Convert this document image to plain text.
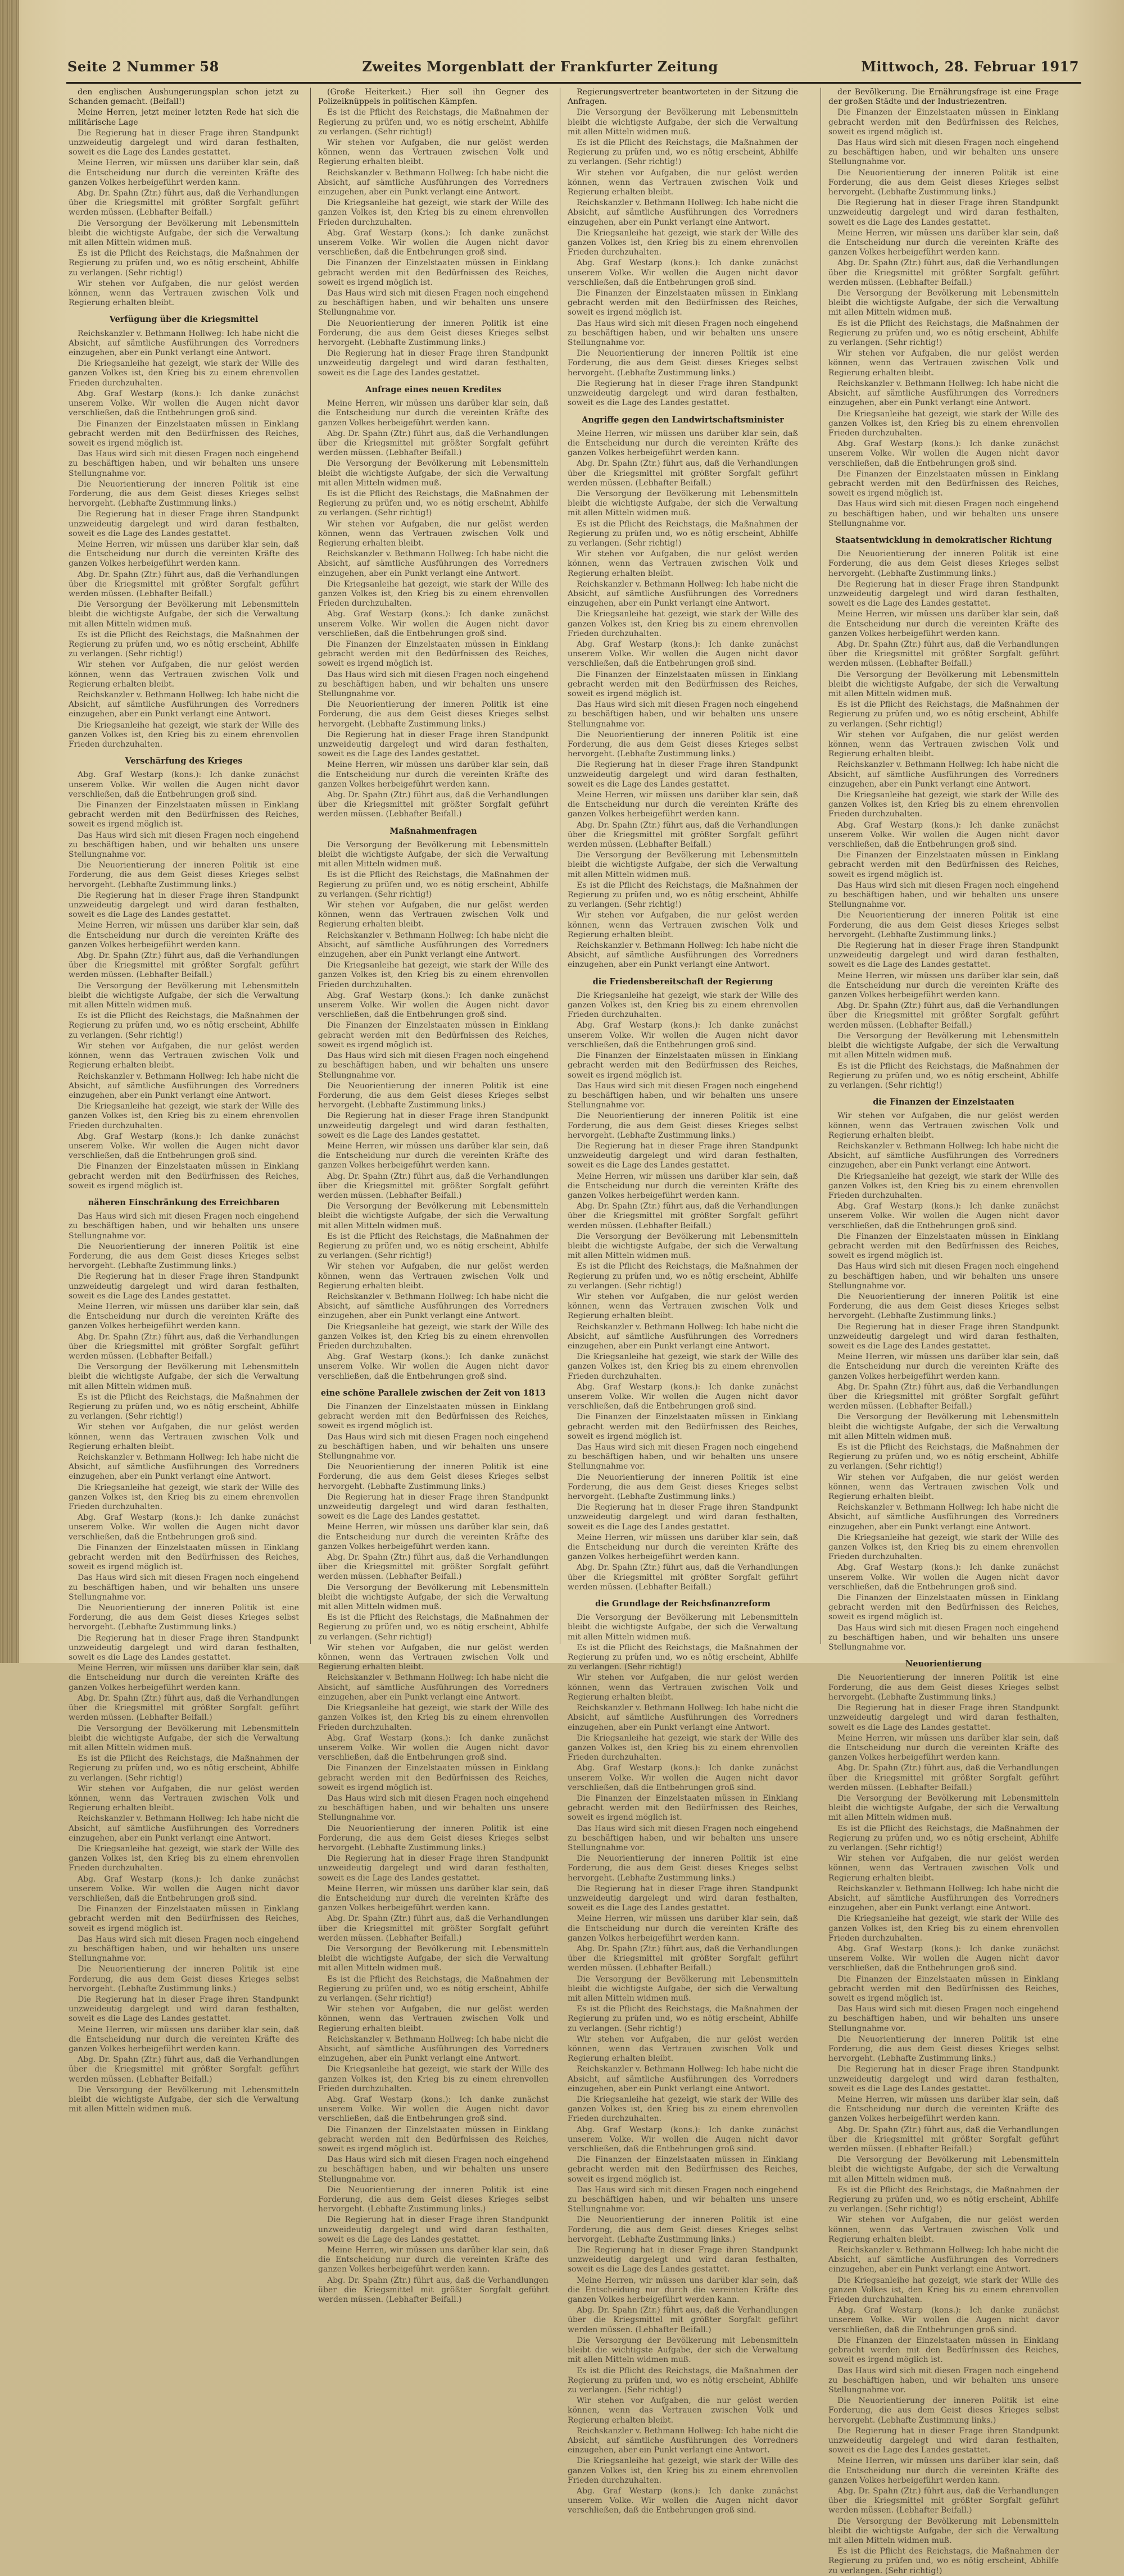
Seite 2 Nummer 58	Zweites Morgenblatt der Frankfurter Zeitung	Mittwoch, 28. Februar 1917

den englischen Aushungerungsplan schon jetzt zu Schanden gemacht. (Beifall!)

Meine Herren, jetzt meiner letzten Rede hat sich die militärische Lage

Die Regierung hat in dieser Frage ihren Standpunkt unzweideutig dargelegt und wird daran festhalten, soweit es die Lage des Landes gestattet.

Meine Herren, wir müssen uns darüber klar sein, daß die Entscheidung nur durch die vereinten Kräfte des ganzen Volkes herbeigeführt werden kann.

Abg. Dr. Spahn (Ztr.) führt aus, daß die Verhandlungen über die Kriegsmittel mit größter Sorgfalt geführt werden müssen. (Lebhafter Beifall.)

Die Versorgung der Bevölkerung mit Lebensmitteln bleibt die wichtigste Aufgabe, der sich die Verwaltung mit allen Mitteln widmen muß.

Es ist die Pflicht des Reichstags, die Maßnahmen der Regierung zu prüfen und, wo es nötig erscheint, Abhilfe zu verlangen. (Sehr richtig!)

Wir stehen vor Aufgaben, die nur gelöst werden können, wenn das Vertrauen zwischen Volk und Regierung erhalten bleibt.

Verfügung über die Kriegsmittel

Reichskanzler v. Bethmann Hollweg: Ich habe nicht die Absicht, auf sämtliche Ausführungen des Vorredners einzugehen, aber ein Punkt verlangt eine Antwort.

Die Kriegsanleihe hat gezeigt, wie stark der Wille des ganzen Volkes ist, den Krieg bis zu einem ehrenvollen Frieden durchzuhalten.

Abg. Graf Westarp (kons.): Ich danke zunächst unserem Volke. Wir wollen die Augen nicht davor verschließen, daß die Entbehrungen groß sind.

Die Finanzen der Einzelstaaten müssen in Einklang gebracht werden mit den Bedürfnissen des Reiches, soweit es irgend möglich ist.

Das Haus wird sich mit diesen Fragen noch eingehend zu beschäftigen haben, und wir behalten uns unsere Stellungnahme vor.

Die Neuorientierung der inneren Politik ist eine Forderung, die aus dem Geist dieses Krieges selbst hervorgeht. (Lebhafte Zustimmung links.)

Die Regierung hat in dieser Frage ihren Standpunkt unzweideutig dargelegt und wird daran festhalten, soweit es die Lage des Landes gestattet.

Meine Herren, wir müssen uns darüber klar sein, daß die Entscheidung nur durch die vereinten Kräfte des ganzen Volkes herbeigeführt werden kann.

Abg. Dr. Spahn (Ztr.) führt aus, daß die Verhandlungen über die Kriegsmittel mit größter Sorgfalt geführt werden müssen. (Lebhafter Beifall.)

Die Versorgung der Bevölkerung mit Lebensmitteln bleibt die wichtigste Aufgabe, der sich die Verwaltung mit allen Mitteln widmen muß.

Es ist die Pflicht des Reichstags, die Maßnahmen der Regierung zu prüfen und, wo es nötig erscheint, Abhilfe zu verlangen. (Sehr richtig!)

Wir stehen vor Aufgaben, die nur gelöst werden können, wenn das Vertrauen zwischen Volk und Regierung erhalten bleibt.

Reichskanzler v. Bethmann Hollweg: Ich habe nicht die Absicht, auf sämtliche Ausführungen des Vorredners einzugehen, aber ein Punkt verlangt eine Antwort.

Die Kriegsanleihe hat gezeigt, wie stark der Wille des ganzen Volkes ist, den Krieg bis zu einem ehrenvollen Frieden durchzuhalten.

Verschärfung des Krieges

Abg. Graf Westarp (kons.): Ich danke zunächst unserem Volke. Wir wollen die Augen nicht davor verschließen, daß die Entbehrungen groß sind.

Die Finanzen der Einzelstaaten müssen in Einklang gebracht werden mit den Bedürfnissen des Reiches, soweit es irgend möglich ist.

Das Haus wird sich mit diesen Fragen noch eingehend zu beschäftigen haben, und wir behalten uns unsere Stellungnahme vor.

Die Neuorientierung der inneren Politik ist eine Forderung, die aus dem Geist dieses Krieges selbst hervorgeht. (Lebhafte Zustimmung links.)

Die Regierung hat in dieser Frage ihren Standpunkt unzweideutig dargelegt und wird daran festhalten, soweit es die Lage des Landes gestattet.

Meine Herren, wir müssen uns darüber klar sein, daß die Entscheidung nur durch die vereinten Kräfte des ganzen Volkes herbeigeführt werden kann.

Abg. Dr. Spahn (Ztr.) führt aus, daß die Verhandlungen über die Kriegsmittel mit größter Sorgfalt geführt werden müssen. (Lebhafter Beifall.)

Die Versorgung der Bevölkerung mit Lebensmitteln bleibt die wichtigste Aufgabe, der sich die Verwaltung mit allen Mitteln widmen muß.

Es ist die Pflicht des Reichstags, die Maßnahmen der Regierung zu prüfen und, wo es nötig erscheint, Abhilfe zu verlangen. (Sehr richtig!)

Wir stehen vor Aufgaben, die nur gelöst werden können, wenn das Vertrauen zwischen Volk und Regierung erhalten bleibt.

Reichskanzler v. Bethmann Hollweg: Ich habe nicht die Absicht, auf sämtliche Ausführungen des Vorredners einzugehen, aber ein Punkt verlangt eine Antwort.

Die Kriegsanleihe hat gezeigt, wie stark der Wille des ganzen Volkes ist, den Krieg bis zu einem ehrenvollen Frieden durchzuhalten.

Abg. Graf Westarp (kons.): Ich danke zunächst unserem Volke. Wir wollen die Augen nicht davor verschließen, daß die Entbehrungen groß sind.

Die Finanzen der Einzelstaaten müssen in Einklang gebracht werden mit den Bedürfnissen des Reiches, soweit es irgend möglich ist.

näheren Einschränkung des Erreichbaren

Das Haus wird sich mit diesen Fragen noch eingehend zu beschäftigen haben, und wir behalten uns unsere Stellungnahme vor.

Die Neuorientierung der inneren Politik ist eine Forderung, die aus dem Geist dieses Krieges selbst hervorgeht. (Lebhafte Zustimmung links.)

Die Regierung hat in dieser Frage ihren Standpunkt unzweideutig dargelegt und wird daran festhalten, soweit es die Lage des Landes gestattet.

Meine Herren, wir müssen uns darüber klar sein, daß die Entscheidung nur durch die vereinten Kräfte des ganzen Volkes herbeigeführt werden kann.

Abg. Dr. Spahn (Ztr.) führt aus, daß die Verhandlungen über die Kriegsmittel mit größter Sorgfalt geführt werden müssen. (Lebhafter Beifall.)

Die Versorgung der Bevölkerung mit Lebensmitteln bleibt die wichtigste Aufgabe, der sich die Verwaltung mit allen Mitteln widmen muß.

Es ist die Pflicht des Reichstags, die Maßnahmen der Regierung zu prüfen und, wo es nötig erscheint, Abhilfe zu verlangen. (Sehr richtig!)

Wir stehen vor Aufgaben, die nur gelöst werden können, wenn das Vertrauen zwischen Volk und Regierung erhalten bleibt.

Reichskanzler v. Bethmann Hollweg: Ich habe nicht die Absicht, auf sämtliche Ausführungen des Vorredners einzugehen, aber ein Punkt verlangt eine Antwort.

Die Kriegsanleihe hat gezeigt, wie stark der Wille des ganzen Volkes ist, den Krieg bis zu einem ehrenvollen Frieden durchzuhalten.

Abg. Graf Westarp (kons.): Ich danke zunächst unserem Volke. Wir wollen die Augen nicht davor verschließen, daß die Entbehrungen groß sind.

Die Finanzen der Einzelstaaten müssen in Einklang gebracht werden mit den Bedürfnissen des Reiches, soweit es irgend möglich ist.

Das Haus wird sich mit diesen Fragen noch eingehend zu beschäftigen haben, und wir behalten uns unsere Stellungnahme vor.

Die Neuorientierung der inneren Politik ist eine Forderung, die aus dem Geist dieses Krieges selbst hervorgeht. (Lebhafte Zustimmung links.)

Die Regierung hat in dieser Frage ihren Standpunkt unzweideutig dargelegt und wird daran festhalten, soweit es die Lage des Landes gestattet.

Meine Herren, wir müssen uns darüber klar sein, daß die Entscheidung nur durch die vereinten Kräfte des ganzen Volkes herbeigeführt werden kann.

Abg. Dr. Spahn (Ztr.) führt aus, daß die Verhandlungen über die Kriegsmittel mit größter Sorgfalt geführt werden müssen. (Lebhafter Beifall.)

Die Versorgung der Bevölkerung mit Lebensmitteln bleibt die wichtigste Aufgabe, der sich die Verwaltung mit allen Mitteln widmen muß.

Es ist die Pflicht des Reichstags, die Maßnahmen der Regierung zu prüfen und, wo es nötig erscheint, Abhilfe zu verlangen. (Sehr richtig!)

Wir stehen vor Aufgaben, die nur gelöst werden können, wenn das Vertrauen zwischen Volk und Regierung erhalten bleibt.

Reichskanzler v. Bethmann Hollweg: Ich habe nicht die Absicht, auf sämtliche Ausführungen des Vorredners einzugehen, aber ein Punkt verlangt eine Antwort.

Die Kriegsanleihe hat gezeigt, wie stark der Wille des ganzen Volkes ist, den Krieg bis zu einem ehrenvollen Frieden durchzuhalten.

Abg. Graf Westarp (kons.): Ich danke zunächst unserem Volke. Wir wollen die Augen nicht davor verschließen, daß die Entbehrungen groß sind.

Die Finanzen der Einzelstaaten müssen in Einklang gebracht werden mit den Bedürfnissen des Reiches, soweit es irgend möglich ist.

Das Haus wird sich mit diesen Fragen noch eingehend zu beschäftigen haben, und wir behalten uns unsere Stellungnahme vor.

Die Neuorientierung der inneren Politik ist eine Forderung, die aus dem Geist dieses Krieges selbst hervorgeht. (Lebhafte Zustimmung links.)

Die Regierung hat in dieser Frage ihren Standpunkt unzweideutig dargelegt und wird daran festhalten, soweit es die Lage des Landes gestattet.

Meine Herren, wir müssen uns darüber klar sein, daß die Entscheidung nur durch die vereinten Kräfte des ganzen Volkes herbeigeführt werden kann.

Abg. Dr. Spahn (Ztr.) führt aus, daß die Verhandlungen über die Kriegsmittel mit größter Sorgfalt geführt werden müssen. (Lebhafter Beifall.)

Die Versorgung der Bevölkerung mit Lebensmitteln bleibt die wichtigste Aufgabe, der sich die Verwaltung mit allen Mitteln widmen muß.

(Große Heiterkeit.) Hier soll ihn Gegner des Polizeiknüppels in politischen Kämpfen.

Es ist die Pflicht des Reichstags, die Maßnahmen der Regierung zu prüfen und, wo es nötig erscheint, Abhilfe zu verlangen. (Sehr richtig!)

Wir stehen vor Aufgaben, die nur gelöst werden können, wenn das Vertrauen zwischen Volk und Regierung erhalten bleibt.

Reichskanzler v. Bethmann Hollweg: Ich habe nicht die Absicht, auf sämtliche Ausführungen des Vorredners einzugehen, aber ein Punkt verlangt eine Antwort.

Die Kriegsanleihe hat gezeigt, wie stark der Wille des ganzen Volkes ist, den Krieg bis zu einem ehrenvollen Frieden durchzuhalten.

Abg. Graf Westarp (kons.): Ich danke zunächst unserem Volke. Wir wollen die Augen nicht davor verschließen, daß die Entbehrungen groß sind.

Die Finanzen der Einzelstaaten müssen in Einklang gebracht werden mit den Bedürfnissen des Reiches, soweit es irgend möglich ist.

Das Haus wird sich mit diesen Fragen noch eingehend zu beschäftigen haben, und wir behalten uns unsere Stellungnahme vor.

Die Neuorientierung der inneren Politik ist eine Forderung, die aus dem Geist dieses Krieges selbst hervorgeht. (Lebhafte Zustimmung links.)

Die Regierung hat in dieser Frage ihren Standpunkt unzweideutig dargelegt und wird daran festhalten, soweit es die Lage des Landes gestattet.

Anfrage eines neuen Kredites

Meine Herren, wir müssen uns darüber klar sein, daß die Entscheidung nur durch die vereinten Kräfte des ganzen Volkes herbeigeführt werden kann.

Abg. Dr. Spahn (Ztr.) führt aus, daß die Verhandlungen über die Kriegsmittel mit größter Sorgfalt geführt werden müssen. (Lebhafter Beifall.)

Die Versorgung der Bevölkerung mit Lebensmitteln bleibt die wichtigste Aufgabe, der sich die Verwaltung mit allen Mitteln widmen muß.

Es ist die Pflicht des Reichstags, die Maßnahmen der Regierung zu prüfen und, wo es nötig erscheint, Abhilfe zu verlangen. (Sehr richtig!)

Wir stehen vor Aufgaben, die nur gelöst werden können, wenn das Vertrauen zwischen Volk und Regierung erhalten bleibt.

Reichskanzler v. Bethmann Hollweg: Ich habe nicht die Absicht, auf sämtliche Ausführungen des Vorredners einzugehen, aber ein Punkt verlangt eine Antwort.

Die Kriegsanleihe hat gezeigt, wie stark der Wille des ganzen Volkes ist, den Krieg bis zu einem ehrenvollen Frieden durchzuhalten.

Abg. Graf Westarp (kons.): Ich danke zunächst unserem Volke. Wir wollen die Augen nicht davor verschließen, daß die Entbehrungen groß sind.

Die Finanzen der Einzelstaaten müssen in Einklang gebracht werden mit den Bedürfnissen des Reiches, soweit es irgend möglich ist.

Das Haus wird sich mit diesen Fragen noch eingehend zu beschäftigen haben, und wir behalten uns unsere Stellungnahme vor.

Die Neuorientierung der inneren Politik ist eine Forderung, die aus dem Geist dieses Krieges selbst hervorgeht. (Lebhafte Zustimmung links.)

Die Regierung hat in dieser Frage ihren Standpunkt unzweideutig dargelegt und wird daran festhalten, soweit es die Lage des Landes gestattet.

Meine Herren, wir müssen uns darüber klar sein, daß die Entscheidung nur durch die vereinten Kräfte des ganzen Volkes herbeigeführt werden kann.

Abg. Dr. Spahn (Ztr.) führt aus, daß die Verhandlungen über die Kriegsmittel mit größter Sorgfalt geführt werden müssen. (Lebhafter Beifall.)

Maßnahmenfragen

Die Versorgung der Bevölkerung mit Lebensmitteln bleibt die wichtigste Aufgabe, der sich die Verwaltung mit allen Mitteln widmen muß.

Es ist die Pflicht des Reichstags, die Maßnahmen der Regierung zu prüfen und, wo es nötig erscheint, Abhilfe zu verlangen. (Sehr richtig!)

Wir stehen vor Aufgaben, die nur gelöst werden können, wenn das Vertrauen zwischen Volk und Regierung erhalten bleibt.

Reichskanzler v. Bethmann Hollweg: Ich habe nicht die Absicht, auf sämtliche Ausführungen des Vorredners einzugehen, aber ein Punkt verlangt eine Antwort.

Die Kriegsanleihe hat gezeigt, wie stark der Wille des ganzen Volkes ist, den Krieg bis zu einem ehrenvollen Frieden durchzuhalten.

Abg. Graf Westarp (kons.): Ich danke zunächst unserem Volke. Wir wollen die Augen nicht davor verschließen, daß die Entbehrungen groß sind.

Die Finanzen der Einzelstaaten müssen in Einklang gebracht werden mit den Bedürfnissen des Reiches, soweit es irgend möglich ist.

Das Haus wird sich mit diesen Fragen noch eingehend zu beschäftigen haben, und wir behalten uns unsere Stellungnahme vor.

Die Neuorientierung der inneren Politik ist eine Forderung, die aus dem Geist dieses Krieges selbst hervorgeht. (Lebhafte Zustimmung links.)

Die Regierung hat in dieser Frage ihren Standpunkt unzweideutig dargelegt und wird daran festhalten, soweit es die Lage des Landes gestattet.

Meine Herren, wir müssen uns darüber klar sein, daß die Entscheidung nur durch die vereinten Kräfte des ganzen Volkes herbeigeführt werden kann.

Abg. Dr. Spahn (Ztr.) führt aus, daß die Verhandlungen über die Kriegsmittel mit größter Sorgfalt geführt werden müssen. (Lebhafter Beifall.)

Die Versorgung der Bevölkerung mit Lebensmitteln bleibt die wichtigste Aufgabe, der sich die Verwaltung mit allen Mitteln widmen muß.

Es ist die Pflicht des Reichstags, die Maßnahmen der Regierung zu prüfen und, wo es nötig erscheint, Abhilfe zu verlangen. (Sehr richtig!)

Wir stehen vor Aufgaben, die nur gelöst werden können, wenn das Vertrauen zwischen Volk und Regierung erhalten bleibt.

Reichskanzler v. Bethmann Hollweg: Ich habe nicht die Absicht, auf sämtliche Ausführungen des Vorredners einzugehen, aber ein Punkt verlangt eine Antwort.

Die Kriegsanleihe hat gezeigt, wie stark der Wille des ganzen Volkes ist, den Krieg bis zu einem ehrenvollen Frieden durchzuhalten.

Abg. Graf Westarp (kons.): Ich danke zunächst unserem Volke. Wir wollen die Augen nicht davor verschließen, daß die Entbehrungen groß sind.

eine schöne Parallele zwischen der Zeit von 1813

Die Finanzen der Einzelstaaten müssen in Einklang gebracht werden mit den Bedürfnissen des Reiches, soweit es irgend möglich ist.

Das Haus wird sich mit diesen Fragen noch eingehend zu beschäftigen haben, und wir behalten uns unsere Stellungnahme vor.

Die Neuorientierung der inneren Politik ist eine Forderung, die aus dem Geist dieses Krieges selbst hervorgeht. (Lebhafte Zustimmung links.)

Die Regierung hat in dieser Frage ihren Standpunkt unzweideutig dargelegt und wird daran festhalten, soweit es die Lage des Landes gestattet.

Meine Herren, wir müssen uns darüber klar sein, daß die Entscheidung nur durch die vereinten Kräfte des ganzen Volkes herbeigeführt werden kann.

Abg. Dr. Spahn (Ztr.) führt aus, daß die Verhandlungen über die Kriegsmittel mit größter Sorgfalt geführt werden müssen. (Lebhafter Beifall.)

Die Versorgung der Bevölkerung mit Lebensmitteln bleibt die wichtigste Aufgabe, der sich die Verwaltung mit allen Mitteln widmen muß.

Es ist die Pflicht des Reichstags, die Maßnahmen der Regierung zu prüfen und, wo es nötig erscheint, Abhilfe zu verlangen. (Sehr richtig!)

Wir stehen vor Aufgaben, die nur gelöst werden können, wenn das Vertrauen zwischen Volk und Regierung erhalten bleibt.

Reichskanzler v. Bethmann Hollweg: Ich habe nicht die Absicht, auf sämtliche Ausführungen des Vorredners einzugehen, aber ein Punkt verlangt eine Antwort.

Die Kriegsanleihe hat gezeigt, wie stark der Wille des ganzen Volkes ist, den Krieg bis zu einem ehrenvollen Frieden durchzuhalten.

Abg. Graf Westarp (kons.): Ich danke zunächst unserem Volke. Wir wollen die Augen nicht davor verschließen, daß die Entbehrungen groß sind.

Die Finanzen der Einzelstaaten müssen in Einklang gebracht werden mit den Bedürfnissen des Reiches, soweit es irgend möglich ist.

Das Haus wird sich mit diesen Fragen noch eingehend zu beschäftigen haben, und wir behalten uns unsere Stellungnahme vor.

Die Neuorientierung der inneren Politik ist eine Forderung, die aus dem Geist dieses Krieges selbst hervorgeht. (Lebhafte Zustimmung links.)

Die Regierung hat in dieser Frage ihren Standpunkt unzweideutig dargelegt und wird daran festhalten, soweit es die Lage des Landes gestattet.

Meine Herren, wir müssen uns darüber klar sein, daß die Entscheidung nur durch die vereinten Kräfte des ganzen Volkes herbeigeführt werden kann.

Abg. Dr. Spahn (Ztr.) führt aus, daß die Verhandlungen über die Kriegsmittel mit größter Sorgfalt geführt werden müssen. (Lebhafter Beifall.)

Die Versorgung der Bevölkerung mit Lebensmitteln bleibt die wichtigste Aufgabe, der sich die Verwaltung mit allen Mitteln widmen muß.

Es ist die Pflicht des Reichstags, die Maßnahmen der Regierung zu prüfen und, wo es nötig erscheint, Abhilfe zu verlangen. (Sehr richtig!)

Wir stehen vor Aufgaben, die nur gelöst werden können, wenn das Vertrauen zwischen Volk und Regierung erhalten bleibt.

Reichskanzler v. Bethmann Hollweg: Ich habe nicht die Absicht, auf sämtliche Ausführungen des Vorredners einzugehen, aber ein Punkt verlangt eine Antwort.

Die Kriegsanleihe hat gezeigt, wie stark der Wille des ganzen Volkes ist, den Krieg bis zu einem ehrenvollen Frieden durchzuhalten.

Abg. Graf Westarp (kons.): Ich danke zunächst unserem Volke. Wir wollen die Augen nicht davor verschließen, daß die Entbehrungen groß sind.

Die Finanzen der Einzelstaaten müssen in Einklang gebracht werden mit den Bedürfnissen des Reiches, soweit es irgend möglich ist.

Das Haus wird sich mit diesen Fragen noch eingehend zu beschäftigen haben, und wir behalten uns unsere Stellungnahme vor.

Die Neuorientierung der inneren Politik ist eine Forderung, die aus dem Geist dieses Krieges selbst hervorgeht. (Lebhafte Zustimmung links.)

Die Regierung hat in dieser Frage ihren Standpunkt unzweideutig dargelegt und wird daran festhalten, soweit es die Lage des Landes gestattet.

Meine Herren, wir müssen uns darüber klar sein, daß die Entscheidung nur durch die vereinten Kräfte des ganzen Volkes herbeigeführt werden kann.

Abg. Dr. Spahn (Ztr.) führt aus, daß die Verhandlungen über die Kriegsmittel mit größter Sorgfalt geführt werden müssen. (Lebhafter Beifall.)

Regierungsvertreter beantworteten in der Sitzung die Anfragen.

Die Versorgung der Bevölkerung mit Lebensmitteln bleibt die wichtigste Aufgabe, der sich die Verwaltung mit allen Mitteln widmen muß.

Es ist die Pflicht des Reichstags, die Maßnahmen der Regierung zu prüfen und, wo es nötig erscheint, Abhilfe zu verlangen. (Sehr richtig!)

Wir stehen vor Aufgaben, die nur gelöst werden können, wenn das Vertrauen zwischen Volk und Regierung erhalten bleibt.

Reichskanzler v. Bethmann Hollweg: Ich habe nicht die Absicht, auf sämtliche Ausführungen des Vorredners einzugehen, aber ein Punkt verlangt eine Antwort.

Die Kriegsanleihe hat gezeigt, wie stark der Wille des ganzen Volkes ist, den Krieg bis zu einem ehrenvollen Frieden durchzuhalten.

Abg. Graf Westarp (kons.): Ich danke zunächst unserem Volke. Wir wollen die Augen nicht davor verschließen, daß die Entbehrungen groß sind.

Die Finanzen der Einzelstaaten müssen in Einklang gebracht werden mit den Bedürfnissen des Reiches, soweit es irgend möglich ist.

Das Haus wird sich mit diesen Fragen noch eingehend zu beschäftigen haben, und wir behalten uns unsere Stellungnahme vor.

Die Neuorientierung der inneren Politik ist eine Forderung, die aus dem Geist dieses Krieges selbst hervorgeht. (Lebhafte Zustimmung links.)

Die Regierung hat in dieser Frage ihren Standpunkt unzweideutig dargelegt und wird daran festhalten, soweit es die Lage des Landes gestattet.

Angriffe gegen den Landwirtschaftsminister

Meine Herren, wir müssen uns darüber klar sein, daß die Entscheidung nur durch die vereinten Kräfte des ganzen Volkes herbeigeführt werden kann.

Abg. Dr. Spahn (Ztr.) führt aus, daß die Verhandlungen über die Kriegsmittel mit größter Sorgfalt geführt werden müssen. (Lebhafter Beifall.)

Die Versorgung der Bevölkerung mit Lebensmitteln bleibt die wichtigste Aufgabe, der sich die Verwaltung mit allen Mitteln widmen muß.

Es ist die Pflicht des Reichstags, die Maßnahmen der Regierung zu prüfen und, wo es nötig erscheint, Abhilfe zu verlangen. (Sehr richtig!)

Wir stehen vor Aufgaben, die nur gelöst werden können, wenn das Vertrauen zwischen Volk und Regierung erhalten bleibt.

Reichskanzler v. Bethmann Hollweg: Ich habe nicht die Absicht, auf sämtliche Ausführungen des Vorredners einzugehen, aber ein Punkt verlangt eine Antwort.

Die Kriegsanleihe hat gezeigt, wie stark der Wille des ganzen Volkes ist, den Krieg bis zu einem ehrenvollen Frieden durchzuhalten.

Abg. Graf Westarp (kons.): Ich danke zunächst unserem Volke. Wir wollen die Augen nicht davor verschließen, daß die Entbehrungen groß sind.

Die Finanzen der Einzelstaaten müssen in Einklang gebracht werden mit den Bedürfnissen des Reiches, soweit es irgend möglich ist.

Das Haus wird sich mit diesen Fragen noch eingehend zu beschäftigen haben, und wir behalten uns unsere Stellungnahme vor.

Die Neuorientierung der inneren Politik ist eine Forderung, die aus dem Geist dieses Krieges selbst hervorgeht. (Lebhafte Zustimmung links.)

Die Regierung hat in dieser Frage ihren Standpunkt unzweideutig dargelegt und wird daran festhalten, soweit es die Lage des Landes gestattet.

Meine Herren, wir müssen uns darüber klar sein, daß die Entscheidung nur durch die vereinten Kräfte des ganzen Volkes herbeigeführt werden kann.

Abg. Dr. Spahn (Ztr.) führt aus, daß die Verhandlungen über die Kriegsmittel mit größter Sorgfalt geführt werden müssen. (Lebhafter Beifall.)

Die Versorgung der Bevölkerung mit Lebensmitteln bleibt die wichtigste Aufgabe, der sich die Verwaltung mit allen Mitteln widmen muß.

Es ist die Pflicht des Reichstags, die Maßnahmen der Regierung zu prüfen und, wo es nötig erscheint, Abhilfe zu verlangen. (Sehr richtig!)

Wir stehen vor Aufgaben, die nur gelöst werden können, wenn das Vertrauen zwischen Volk und Regierung erhalten bleibt.

Reichskanzler v. Bethmann Hollweg: Ich habe nicht die Absicht, auf sämtliche Ausführungen des Vorredners einzugehen, aber ein Punkt verlangt eine Antwort.

die Friedensbereitschaft der Regierung

Die Kriegsanleihe hat gezeigt, wie stark der Wille des ganzen Volkes ist, den Krieg bis zu einem ehrenvollen Frieden durchzuhalten.

Abg. Graf Westarp (kons.): Ich danke zunächst unserem Volke. Wir wollen die Augen nicht davor verschließen, daß die Entbehrungen groß sind.

Die Finanzen der Einzelstaaten müssen in Einklang gebracht werden mit den Bedürfnissen des Reiches, soweit es irgend möglich ist.

Das Haus wird sich mit diesen Fragen noch eingehend zu beschäftigen haben, und wir behalten uns unsere Stellungnahme vor.

Die Neuorientierung der inneren Politik ist eine Forderung, die aus dem Geist dieses Krieges selbst hervorgeht. (Lebhafte Zustimmung links.)

Die Regierung hat in dieser Frage ihren Standpunkt unzweideutig dargelegt und wird daran festhalten, soweit es die Lage des Landes gestattet.

Meine Herren, wir müssen uns darüber klar sein, daß die Entscheidung nur durch die vereinten Kräfte des ganzen Volkes herbeigeführt werden kann.

Abg. Dr. Spahn (Ztr.) führt aus, daß die Verhandlungen über die Kriegsmittel mit größter Sorgfalt geführt werden müssen. (Lebhafter Beifall.)

Die Versorgung der Bevölkerung mit Lebensmitteln bleibt die wichtigste Aufgabe, der sich die Verwaltung mit allen Mitteln widmen muß.

Es ist die Pflicht des Reichstags, die Maßnahmen der Regierung zu prüfen und, wo es nötig erscheint, Abhilfe zu verlangen. (Sehr richtig!)

Wir stehen vor Aufgaben, die nur gelöst werden können, wenn das Vertrauen zwischen Volk und Regierung erhalten bleibt.

Reichskanzler v. Bethmann Hollweg: Ich habe nicht die Absicht, auf sämtliche Ausführungen des Vorredners einzugehen, aber ein Punkt verlangt eine Antwort.

Die Kriegsanleihe hat gezeigt, wie stark der Wille des ganzen Volkes ist, den Krieg bis zu einem ehrenvollen Frieden durchzuhalten.

Abg. Graf Westarp (kons.): Ich danke zunächst unserem Volke. Wir wollen die Augen nicht davor verschließen, daß die Entbehrungen groß sind.

Die Finanzen der Einzelstaaten müssen in Einklang gebracht werden mit den Bedürfnissen des Reiches, soweit es irgend möglich ist.

Das Haus wird sich mit diesen Fragen noch eingehend zu beschäftigen haben, und wir behalten uns unsere Stellungnahme vor.

Die Neuorientierung der inneren Politik ist eine Forderung, die aus dem Geist dieses Krieges selbst hervorgeht. (Lebhafte Zustimmung links.)

Die Regierung hat in dieser Frage ihren Standpunkt unzweideutig dargelegt und wird daran festhalten, soweit es die Lage des Landes gestattet.

Meine Herren, wir müssen uns darüber klar sein, daß die Entscheidung nur durch die vereinten Kräfte des ganzen Volkes herbeigeführt werden kann.

Abg. Dr. Spahn (Ztr.) führt aus, daß die Verhandlungen über die Kriegsmittel mit größter Sorgfalt geführt werden müssen. (Lebhafter Beifall.)

die Grundlage der Reichsfinanzreform

Die Versorgung der Bevölkerung mit Lebensmitteln bleibt die wichtigste Aufgabe, der sich die Verwaltung mit allen Mitteln widmen muß.

Es ist die Pflicht des Reichstags, die Maßnahmen der Regierung zu prüfen und, wo es nötig erscheint, Abhilfe zu verlangen. (Sehr richtig!)

Wir stehen vor Aufgaben, die nur gelöst werden können, wenn das Vertrauen zwischen Volk und Regierung erhalten bleibt.

Reichskanzler v. Bethmann Hollweg: Ich habe nicht die Absicht, auf sämtliche Ausführungen des Vorredners einzugehen, aber ein Punkt verlangt eine Antwort.

Die Kriegsanleihe hat gezeigt, wie stark der Wille des ganzen Volkes ist, den Krieg bis zu einem ehrenvollen Frieden durchzuhalten.

Abg. Graf Westarp (kons.): Ich danke zunächst unserem Volke. Wir wollen die Augen nicht davor verschließen, daß die Entbehrungen groß sind.

Die Finanzen der Einzelstaaten müssen in Einklang gebracht werden mit den Bedürfnissen des Reiches, soweit es irgend möglich ist.

Das Haus wird sich mit diesen Fragen noch eingehend zu beschäftigen haben, und wir behalten uns unsere Stellungnahme vor.

Die Neuorientierung der inneren Politik ist eine Forderung, die aus dem Geist dieses Krieges selbst hervorgeht. (Lebhafte Zustimmung links.)

Die Regierung hat in dieser Frage ihren Standpunkt unzweideutig dargelegt und wird daran festhalten, soweit es die Lage des Landes gestattet.

Meine Herren, wir müssen uns darüber klar sein, daß die Entscheidung nur durch die vereinten Kräfte des ganzen Volkes herbeigeführt werden kann.

Abg. Dr. Spahn (Ztr.) führt aus, daß die Verhandlungen über die Kriegsmittel mit größter Sorgfalt geführt werden müssen. (Lebhafter Beifall.)

Die Versorgung der Bevölkerung mit Lebensmitteln bleibt die wichtigste Aufgabe, der sich die Verwaltung mit allen Mitteln widmen muß.

Es ist die Pflicht des Reichstags, die Maßnahmen der Regierung zu prüfen und, wo es nötig erscheint, Abhilfe zu verlangen. (Sehr richtig!)

Wir stehen vor Aufgaben, die nur gelöst werden können, wenn das Vertrauen zwischen Volk und Regierung erhalten bleibt.

Reichskanzler v. Bethmann Hollweg: Ich habe nicht die Absicht, auf sämtliche Ausführungen des Vorredners einzugehen, aber ein Punkt verlangt eine Antwort.

Die Kriegsanleihe hat gezeigt, wie stark der Wille des ganzen Volkes ist, den Krieg bis zu einem ehrenvollen Frieden durchzuhalten.

Abg. Graf Westarp (kons.): Ich danke zunächst unserem Volke. Wir wollen die Augen nicht davor verschließen, daß die Entbehrungen groß sind.

Die Finanzen der Einzelstaaten müssen in Einklang gebracht werden mit den Bedürfnissen des Reiches, soweit es irgend möglich ist.

Das Haus wird sich mit diesen Fragen noch eingehend zu beschäftigen haben, und wir behalten uns unsere Stellungnahme vor.

Die Neuorientierung der inneren Politik ist eine Forderung, die aus dem Geist dieses Krieges selbst hervorgeht. (Lebhafte Zustimmung links.)

Die Regierung hat in dieser Frage ihren Standpunkt unzweideutig dargelegt und wird daran festhalten, soweit es die Lage des Landes gestattet.

Meine Herren, wir müssen uns darüber klar sein, daß die Entscheidung nur durch die vereinten Kräfte des ganzen Volkes herbeigeführt werden kann.

Abg. Dr. Spahn (Ztr.) führt aus, daß die Verhandlungen über die Kriegsmittel mit größter Sorgfalt geführt werden müssen. (Lebhafter Beifall.)

Die Versorgung der Bevölkerung mit Lebensmitteln bleibt die wichtigste Aufgabe, der sich die Verwaltung mit allen Mitteln widmen muß.

Es ist die Pflicht des Reichstags, die Maßnahmen der Regierung zu prüfen und, wo es nötig erscheint, Abhilfe zu verlangen. (Sehr richtig!)

Wir stehen vor Aufgaben, die nur gelöst werden können, wenn das Vertrauen zwischen Volk und Regierung erhalten bleibt.

Reichskanzler v. Bethmann Hollweg: Ich habe nicht die Absicht, auf sämtliche Ausführungen des Vorredners einzugehen, aber ein Punkt verlangt eine Antwort.

Die Kriegsanleihe hat gezeigt, wie stark der Wille des ganzen Volkes ist, den Krieg bis zu einem ehrenvollen Frieden durchzuhalten.

Abg. Graf Westarp (kons.): Ich danke zunächst unserem Volke. Wir wollen die Augen nicht davor verschließen, daß die Entbehrungen groß sind.

der Bevölkerung. Die Ernährungsfrage ist eine Frage der großen Städte und der Industriezentren.

Die Finanzen der Einzelstaaten müssen in Einklang gebracht werden mit den Bedürfnissen des Reiches, soweit es irgend möglich ist.

Das Haus wird sich mit diesen Fragen noch eingehend zu beschäftigen haben, und wir behalten uns unsere Stellungnahme vor.

Die Neuorientierung der inneren Politik ist eine Forderung, die aus dem Geist dieses Krieges selbst hervorgeht. (Lebhafte Zustimmung links.)

Die Regierung hat in dieser Frage ihren Standpunkt unzweideutig dargelegt und wird daran festhalten, soweit es die Lage des Landes gestattet.

Meine Herren, wir müssen uns darüber klar sein, daß die Entscheidung nur durch die vereinten Kräfte des ganzen Volkes herbeigeführt werden kann.

Abg. Dr. Spahn (Ztr.) führt aus, daß die Verhandlungen über die Kriegsmittel mit größter Sorgfalt geführt werden müssen. (Lebhafter Beifall.)

Die Versorgung der Bevölkerung mit Lebensmitteln bleibt die wichtigste Aufgabe, der sich die Verwaltung mit allen Mitteln widmen muß.

Es ist die Pflicht des Reichstags, die Maßnahmen der Regierung zu prüfen und, wo es nötig erscheint, Abhilfe zu verlangen. (Sehr richtig!)

Wir stehen vor Aufgaben, die nur gelöst werden können, wenn das Vertrauen zwischen Volk und Regierung erhalten bleibt.

Reichskanzler v. Bethmann Hollweg: Ich habe nicht die Absicht, auf sämtliche Ausführungen des Vorredners einzugehen, aber ein Punkt verlangt eine Antwort.

Die Kriegsanleihe hat gezeigt, wie stark der Wille des ganzen Volkes ist, den Krieg bis zu einem ehrenvollen Frieden durchzuhalten.

Abg. Graf Westarp (kons.): Ich danke zunächst unserem Volke. Wir wollen die Augen nicht davor verschließen, daß die Entbehrungen groß sind.

Die Finanzen der Einzelstaaten müssen in Einklang gebracht werden mit den Bedürfnissen des Reiches, soweit es irgend möglich ist.

Das Haus wird sich mit diesen Fragen noch eingehend zu beschäftigen haben, und wir behalten uns unsere Stellungnahme vor.

Staatsentwicklung in demokratischer Richtung

Die Neuorientierung der inneren Politik ist eine Forderung, die aus dem Geist dieses Krieges selbst hervorgeht. (Lebhafte Zustimmung links.)

Die Regierung hat in dieser Frage ihren Standpunkt unzweideutig dargelegt und wird daran festhalten, soweit es die Lage des Landes gestattet.

Meine Herren, wir müssen uns darüber klar sein, daß die Entscheidung nur durch die vereinten Kräfte des ganzen Volkes herbeigeführt werden kann.

Abg. Dr. Spahn (Ztr.) führt aus, daß die Verhandlungen über die Kriegsmittel mit größter Sorgfalt geführt werden müssen. (Lebhafter Beifall.)

Die Versorgung der Bevölkerung mit Lebensmitteln bleibt die wichtigste Aufgabe, der sich die Verwaltung mit allen Mitteln widmen muß.

Es ist die Pflicht des Reichstags, die Maßnahmen der Regierung zu prüfen und, wo es nötig erscheint, Abhilfe zu verlangen. (Sehr richtig!)

Wir stehen vor Aufgaben, die nur gelöst werden können, wenn das Vertrauen zwischen Volk und Regierung erhalten bleibt.

Reichskanzler v. Bethmann Hollweg: Ich habe nicht die Absicht, auf sämtliche Ausführungen des Vorredners einzugehen, aber ein Punkt verlangt eine Antwort.

Die Kriegsanleihe hat gezeigt, wie stark der Wille des ganzen Volkes ist, den Krieg bis zu einem ehrenvollen Frieden durchzuhalten.

Abg. Graf Westarp (kons.): Ich danke zunächst unserem Volke. Wir wollen die Augen nicht davor verschließen, daß die Entbehrungen groß sind.

Die Finanzen der Einzelstaaten müssen in Einklang gebracht werden mit den Bedürfnissen des Reiches, soweit es irgend möglich ist.

Das Haus wird sich mit diesen Fragen noch eingehend zu beschäftigen haben, und wir behalten uns unsere Stellungnahme vor.

Die Neuorientierung der inneren Politik ist eine Forderung, die aus dem Geist dieses Krieges selbst hervorgeht. (Lebhafte Zustimmung links.)

Die Regierung hat in dieser Frage ihren Standpunkt unzweideutig dargelegt und wird daran festhalten, soweit es die Lage des Landes gestattet.

Meine Herren, wir müssen uns darüber klar sein, daß die Entscheidung nur durch die vereinten Kräfte des ganzen Volkes herbeigeführt werden kann.

Abg. Dr. Spahn (Ztr.) führt aus, daß die Verhandlungen über die Kriegsmittel mit größter Sorgfalt geführt werden müssen. (Lebhafter Beifall.)

Die Versorgung der Bevölkerung mit Lebensmitteln bleibt die wichtigste Aufgabe, der sich die Verwaltung mit allen Mitteln widmen muß.

Es ist die Pflicht des Reichstags, die Maßnahmen der Regierung zu prüfen und, wo es nötig erscheint, Abhilfe zu verlangen. (Sehr richtig!)

die Finanzen der Einzelstaaten

Wir stehen vor Aufgaben, die nur gelöst werden können, wenn das Vertrauen zwischen Volk und Regierung erhalten bleibt.

Reichskanzler v. Bethmann Hollweg: Ich habe nicht die Absicht, auf sämtliche Ausführungen des Vorredners einzugehen, aber ein Punkt verlangt eine Antwort.

Die Kriegsanleihe hat gezeigt, wie stark der Wille des ganzen Volkes ist, den Krieg bis zu einem ehrenvollen Frieden durchzuhalten.

Abg. Graf Westarp (kons.): Ich danke zunächst unserem Volke. Wir wollen die Augen nicht davor verschließen, daß die Entbehrungen groß sind.

Die Finanzen der Einzelstaaten müssen in Einklang gebracht werden mit den Bedürfnissen des Reiches, soweit es irgend möglich ist.

Das Haus wird sich mit diesen Fragen noch eingehend zu beschäftigen haben, und wir behalten uns unsere Stellungnahme vor.

Die Neuorientierung der inneren Politik ist eine Forderung, die aus dem Geist dieses Krieges selbst hervorgeht. (Lebhafte Zustimmung links.)

Die Regierung hat in dieser Frage ihren Standpunkt unzweideutig dargelegt und wird daran festhalten, soweit es die Lage des Landes gestattet.

Meine Herren, wir müssen uns darüber klar sein, daß die Entscheidung nur durch die vereinten Kräfte des ganzen Volkes herbeigeführt werden kann.

Abg. Dr. Spahn (Ztr.) führt aus, daß die Verhandlungen über die Kriegsmittel mit größter Sorgfalt geführt werden müssen. (Lebhafter Beifall.)

Die Versorgung der Bevölkerung mit Lebensmitteln bleibt die wichtigste Aufgabe, der sich die Verwaltung mit allen Mitteln widmen muß.

Es ist die Pflicht des Reichstags, die Maßnahmen der Regierung zu prüfen und, wo es nötig erscheint, Abhilfe zu verlangen. (Sehr richtig!)

Wir stehen vor Aufgaben, die nur gelöst werden können, wenn das Vertrauen zwischen Volk und Regierung erhalten bleibt.

Reichskanzler v. Bethmann Hollweg: Ich habe nicht die Absicht, auf sämtliche Ausführungen des Vorredners einzugehen, aber ein Punkt verlangt eine Antwort.

Die Kriegsanleihe hat gezeigt, wie stark der Wille des ganzen Volkes ist, den Krieg bis zu einem ehrenvollen Frieden durchzuhalten.

Abg. Graf Westarp (kons.): Ich danke zunächst unserem Volke. Wir wollen die Augen nicht davor verschließen, daß die Entbehrungen groß sind.

Die Finanzen der Einzelstaaten müssen in Einklang gebracht werden mit den Bedürfnissen des Reiches, soweit es irgend möglich ist.

Das Haus wird sich mit diesen Fragen noch eingehend zu beschäftigen haben, und wir behalten uns unsere Stellungnahme vor.

Neuorientierung

Die Neuorientierung der inneren Politik ist eine Forderung, die aus dem Geist dieses Krieges selbst hervorgeht. (Lebhafte Zustimmung links.)

Die Regierung hat in dieser Frage ihren Standpunkt unzweideutig dargelegt und wird daran festhalten, soweit es die Lage des Landes gestattet.

Meine Herren, wir müssen uns darüber klar sein, daß die Entscheidung nur durch die vereinten Kräfte des ganzen Volkes herbeigeführt werden kann.

Abg. Dr. Spahn (Ztr.) führt aus, daß die Verhandlungen über die Kriegsmittel mit größter Sorgfalt geführt werden müssen. (Lebhafter Beifall.)

Die Versorgung der Bevölkerung mit Lebensmitteln bleibt die wichtigste Aufgabe, der sich die Verwaltung mit allen Mitteln widmen muß.

Es ist die Pflicht des Reichstags, die Maßnahmen der Regierung zu prüfen und, wo es nötig erscheint, Abhilfe zu verlangen. (Sehr richtig!)

Wir stehen vor Aufgaben, die nur gelöst werden können, wenn das Vertrauen zwischen Volk und Regierung erhalten bleibt.

Reichskanzler v. Bethmann Hollweg: Ich habe nicht die Absicht, auf sämtliche Ausführungen des Vorredners einzugehen, aber ein Punkt verlangt eine Antwort.

Die Kriegsanleihe hat gezeigt, wie stark der Wille des ganzen Volkes ist, den Krieg bis zu einem ehrenvollen Frieden durchzuhalten.

Abg. Graf Westarp (kons.): Ich danke zunächst unserem Volke. Wir wollen die Augen nicht davor verschließen, daß die Entbehrungen groß sind.

Die Finanzen der Einzelstaaten müssen in Einklang gebracht werden mit den Bedürfnissen des Reiches, soweit es irgend möglich ist.

Das Haus wird sich mit diesen Fragen noch eingehend zu beschäftigen haben, und wir behalten uns unsere Stellungnahme vor.

Die Neuorientierung der inneren Politik ist eine Forderung, die aus dem Geist dieses Krieges selbst hervorgeht. (Lebhafte Zustimmung links.)

Die Regierung hat in dieser Frage ihren Standpunkt unzweideutig dargelegt und wird daran festhalten, soweit es die Lage des Landes gestattet.

Meine Herren, wir müssen uns darüber klar sein, daß die Entscheidung nur durch die vereinten Kräfte des ganzen Volkes herbeigeführt werden kann.

Abg. Dr. Spahn (Ztr.) führt aus, daß die Verhandlungen über die Kriegsmittel mit größter Sorgfalt geführt werden müssen. (Lebhafter Beifall.)

Die Versorgung der Bevölkerung mit Lebensmitteln bleibt die wichtigste Aufgabe, der sich die Verwaltung mit allen Mitteln widmen muß.

Es ist die Pflicht des Reichstags, die Maßnahmen der Regierung zu prüfen und, wo es nötig erscheint, Abhilfe zu verlangen. (Sehr richtig!)

Wir stehen vor Aufgaben, die nur gelöst werden können, wenn das Vertrauen zwischen Volk und Regierung erhalten bleibt.

Reichskanzler v. Bethmann Hollweg: Ich habe nicht die Absicht, auf sämtliche Ausführungen des Vorredners einzugehen, aber ein Punkt verlangt eine Antwort.

Die Kriegsanleihe hat gezeigt, wie stark der Wille des ganzen Volkes ist, den Krieg bis zu einem ehrenvollen Frieden durchzuhalten.

Abg. Graf Westarp (kons.): Ich danke zunächst unserem Volke. Wir wollen die Augen nicht davor verschließen, daß die Entbehrungen groß sind.

Die Finanzen der Einzelstaaten müssen in Einklang gebracht werden mit den Bedürfnissen des Reiches, soweit es irgend möglich ist.

Das Haus wird sich mit diesen Fragen noch eingehend zu beschäftigen haben, und wir behalten uns unsere Stellungnahme vor.

Die Neuorientierung der inneren Politik ist eine Forderung, die aus dem Geist dieses Krieges selbst hervorgeht. (Lebhafte Zustimmung links.)

Die Regierung hat in dieser Frage ihren Standpunkt unzweideutig dargelegt und wird daran festhalten, soweit es die Lage des Landes gestattet.

Meine Herren, wir müssen uns darüber klar sein, daß die Entscheidung nur durch die vereinten Kräfte des ganzen Volkes herbeigeführt werden kann.

Abg. Dr. Spahn (Ztr.) führt aus, daß die Verhandlungen über die Kriegsmittel mit größter Sorgfalt geführt werden müssen. (Lebhafter Beifall.)

Die Versorgung der Bevölkerung mit Lebensmitteln bleibt die wichtigste Aufgabe, der sich die Verwaltung mit allen Mitteln widmen muß.

Es ist die Pflicht des Reichstags, die Maßnahmen der Regierung zu prüfen und, wo es nötig erscheint, Abhilfe zu verlangen. (Sehr richtig!)
